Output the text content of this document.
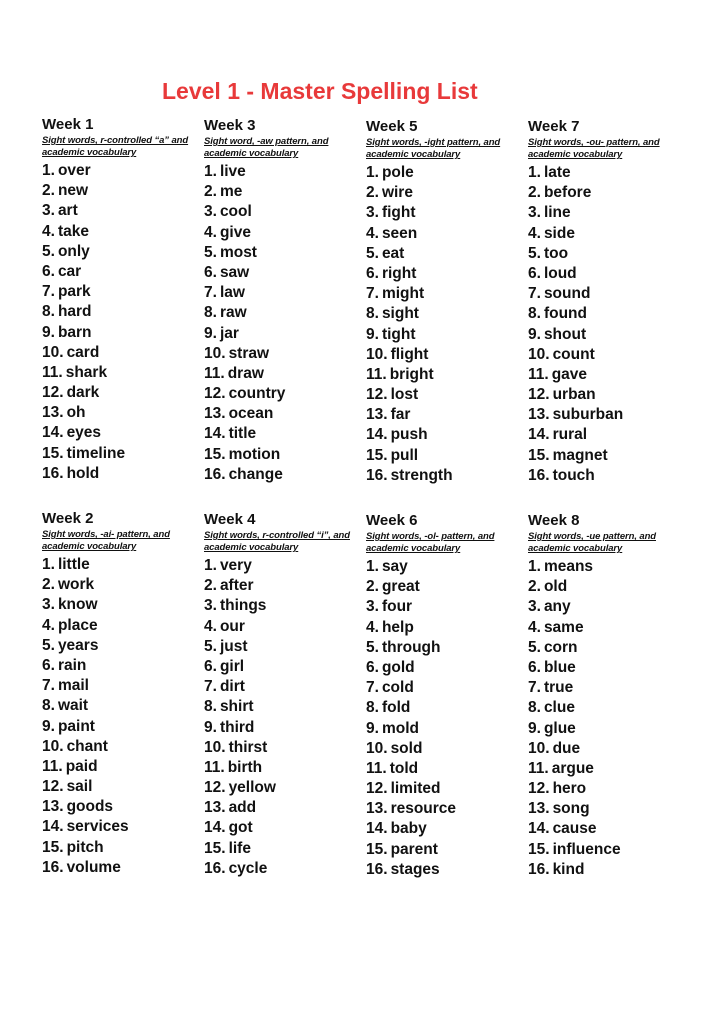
Level 1 - Master Spelling List
Week 1
Sight words, r-controlled “a” and academic vocabulary
1. over
2. new
3. art
4. take
5. only
6. car
7. park
8. hard
9. barn
10. card
11. shark
12. dark
13. oh
14. eyes
15. timeline
16. hold
Week 3
Sight word, -aw pattern, and academic vocabulary
1. live
2. me
3. cool
4. give
5. most
6. saw
7. law
8. raw
9. jar
10. straw
11. draw
12. country
13. ocean
14. title
15. motion
16. change
Week 5
Sight words, -ight pattern, and academic vocabulary
1. pole
2. wire
3. fight
4. seen
5. eat
6. right
7. might
8. sight
9. tight
10. flight
11. bright
12. lost
13. far
14. push
15. pull
16. strength
Week 7
Sight words, -ou- pattern, and academic vocabulary
1. late
2. before
3. line
4. side
5. too
6. loud
7. sound
8. found
9. shout
10. count
11. gave
12. urban
13. suburban
14. rural
15. magnet
16. touch
Week 2
Sight words, -ai- pattern, and academic vocabulary
1. little
2. work
3. know
4. place
5. years
6. rain
7. mail
8. wait
9. paint
10. chant
11. paid
12. sail
13. goods
14. services
15. pitch
16. volume
Week 4
Sight words, r-controlled “i”, and academic vocabulary
1. very
2. after
3. things
4. our
5. just
6. girl
7. dirt
8. shirt
9. third
10. thirst
11. birth
12. yellow
13. add
14. got
15. life
16. cycle
Week 6
Sight words, -ol- pattern, and academic vocabulary
1. say
2. great
3. four
4. help
5. through
6. gold
7. cold
8. fold
9. mold
10. sold
11. told
12. limited
13. resource
14. baby
15. parent
16. stages
Week 8
Sight words, -ue pattern, and academic vocabulary
1. means
2. old
3. any
4. same
5. corn
6. blue
7. true
8. clue
9. glue
10. due
11. argue
12. hero
13. song
14. cause
15. influence
16. kind
